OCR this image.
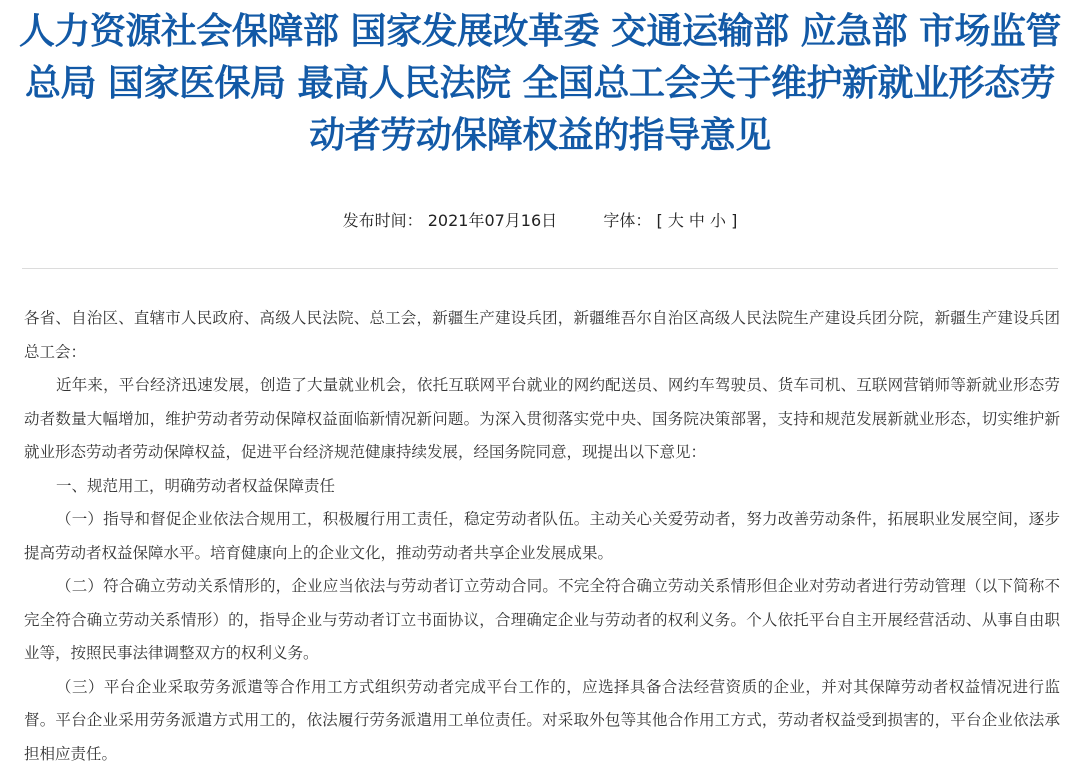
人力资源社会保障部 国家发展改革委 交通运输部 应急部 市场监管总局 国家医保局 最高人民法院 全国总工会关于维护新就业形态劳动者劳动保障权益的指导意见
发布时间： 2021年07月16日	字体： [ 大 中 小 ]

各省、自治区、直辖市人民政府、高级人民法院、总工会，新疆生产建设兵团，新疆维吾尔自治区高级人民法院生产建设兵团分院，新疆生产建设兵团总工会：

近年来，平台经济迅速发展，创造了大量就业机会，依托互联网平台就业的网约配送员、网约车驾驶员、货车司机、互联网营销师等新就业形态劳动者数量大幅增加，维护劳动者劳动保障权益面临新情况新问题。为深入贯彻落实党中央、国务院决策部署，支持和规范发展新就业形态，切实维护新就业形态劳动者劳动保障权益，促进平台经济规范健康持续发展，经国务院同意，现提出以下意见：

一、规范用工，明确劳动者权益保障责任

（一）指导和督促企业依法合规用工，积极履行用工责任，稳定劳动者队伍。主动关心关爱劳动者，努力改善劳动条件，拓展职业发展空间，逐步提高劳动者权益保障水平。培育健康向上的企业文化，推动劳动者共享企业发展成果。

（二）符合确立劳动关系情形的，企业应当依法与劳动者订立劳动合同。不完全符合确立劳动关系情形但企业对劳动者进行劳动管理（以下简称不完全符合确立劳动关系情形）的，指导企业与劳动者订立书面协议，合理确定企业与劳动者的权利义务。个人依托平台自主开展经营活动、从事自由职业等，按照民事法律调整双方的权利义务。

（三）平台企业采取劳务派遣等合作用工方式组织劳动者完成平台工作的，应选择具备合法经营资质的企业，并对其保障劳动者权益情况进行监督。平台企业采用劳务派遣方式用工的，依法履行劳务派遣用工单位责任。对采取外包等其他合作用工方式，劳动者权益受到损害的，平台企业依法承担相应责任。
